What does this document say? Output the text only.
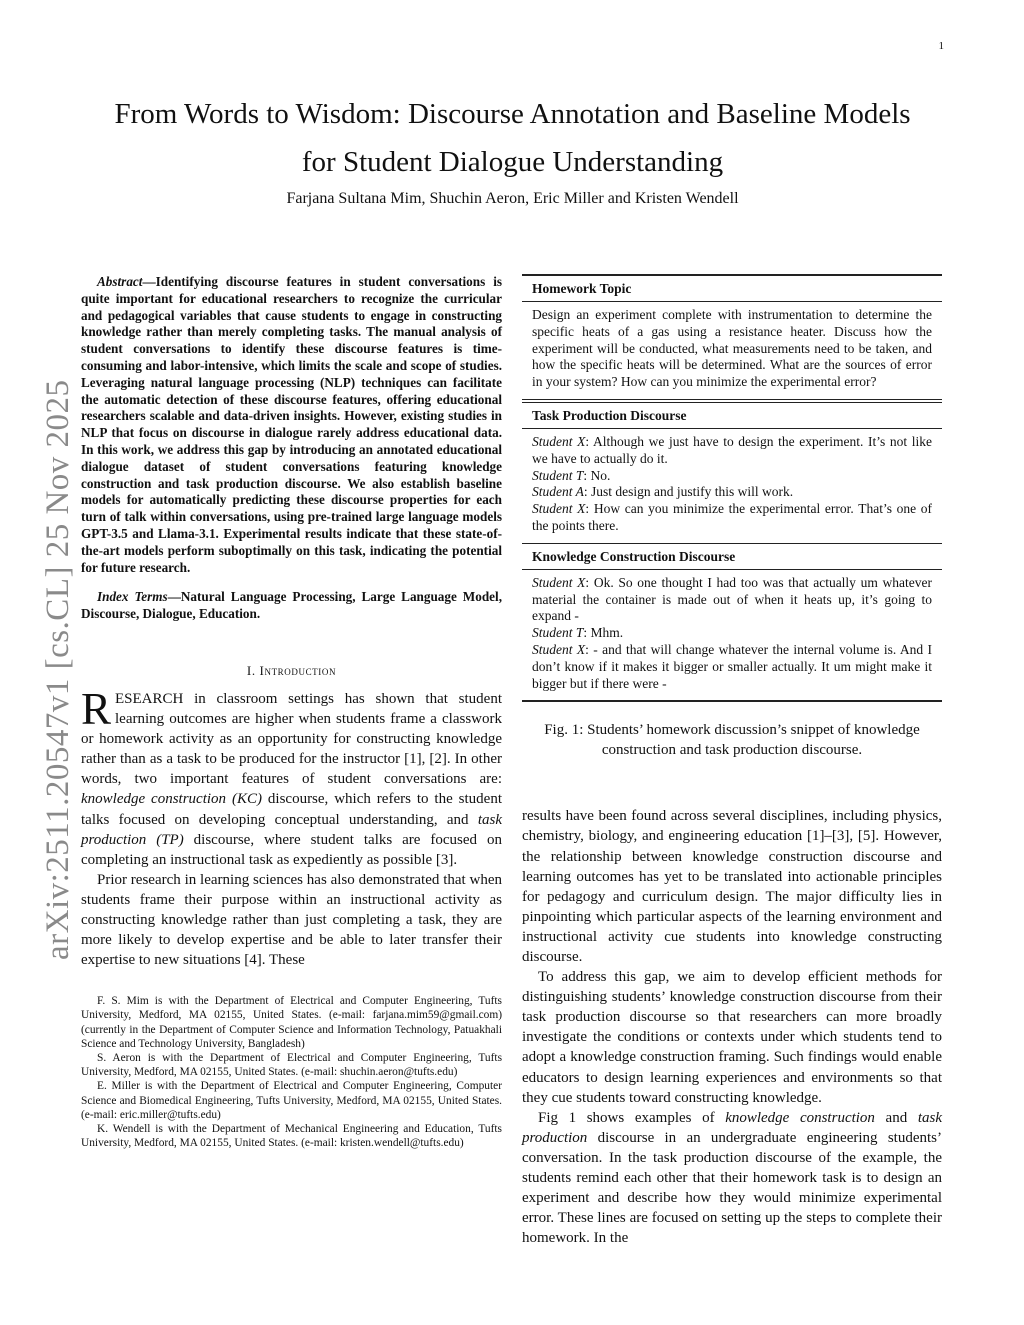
1
arXiv:2511.20547v1 [cs.CL] 25 Nov 2025
From Words to Wisdom: Discourse Annotation and Baseline Models
for Student Dialogue Understanding
Farjana Sultana Mim, Shuchin Aeron, Eric Miller and Kristen Wendell

Abstract—Identifying discourse features in student conversations is quite important for educational researchers to recognize the curricular and pedagogical variables that cause students to engage in constructing knowledge rather than merely completing tasks. The manual analysis of student conversations to identify these discourse features is time-consuming and labor-intensive, which limits the scale and scope of studies. Leveraging natural language processing (NLP) techniques can facilitate the automatic detection of these discourse features, offering educational researchers scalable and data-driven insights. However, existing studies in NLP that focus on discourse in dialogue rarely address educational data. In this work, we address this gap by introducing an annotated educational dialogue dataset of student conversations featuring knowledge construction and task production discourse. We also establish baseline models for automatically predicting these discourse properties for each turn of talk within conversations, using pre-trained large language models GPT-3.5 and Llama-3.1. Experimental results indicate that these state-of-the-art models perform suboptimally on this task, indicating the potential for future research.

Index Terms—Natural Language Processing, Large Language Model, Discourse, Dialogue, Education.

I. Introduction

RESEARCH in classroom settings has shown that student learning outcomes are higher when students frame a classwork or homework activity as an opportunity for constructing knowledge rather than as a task to be produced for the instructor [1], [2]. In other words, two important features of student conversations are: knowledge construction (KC) discourse, which refers to the student talks focused on developing conceptual understanding, and task production (TP) discourse, where student talks are focused on completing an instructional task as expediently as possible [3].

Prior research in learning sciences has also demonstrated that when students frame their purpose within an instructional activity as constructing knowledge rather than just completing a task, they are more likely to develop expertise and be able to later transfer their expertise to new situations [4]. These

F. S. Mim is with the Department of Electrical and Computer Engineering, Tufts University, Medford, MA 02155, United States. (e-mail: farjana.mim59@gmail.com) (currently in the Department of Computer Science and Information Technology, Patuakhali Science and Technology University, Bangladesh)

S. Aeron is with the Department of Electrical and Computer Engineering, Tufts University, Medford, MA 02155, United States. (e-mail: shuchin.aeron@tufts.edu)

E. Miller is with the Department of Electrical and Computer Engineering, Computer Science and Biomedical Engineering, Tufts University, Medford, MA 02155, United States. (e-mail: eric.miller@tufts.edu)

K. Wendell is with the Department of Mechanical Engineering and Education, Tufts University, Medford, MA 02155, United States. (e-mail: kristen.wendell@tufts.edu)

Homework Topic
Design an experiment complete with instrumentation to determine the specific heats of a gas using a resistance heater. Discuss how the experiment will be conducted, what measurements need to be taken, and how the specific heats will be determined. What are the sources of error in your system? How can you minimize the experimental error?
Task Production Discourse
Student X: Although we just have to design the experiment. It’s not like we have to actually do it.
Student T: No.
Student A: Just design and justify this will work.
Student X: How can you minimize the experimental error. That’s one of the points there.
Knowledge Construction Discourse
Student X: Ok. So one thought I had too was that actually um whatever material the container is made out of when it heats up, it’s going to expand -
Student T: Mhm.
Student X: - and that will change whatever the internal volume is. And I don’t know if it makes it bigger or smaller actually. It um might make it bigger but if there were -
Fig. 1: Students’ homework discussion’s snippet of knowledge construction and task production discourse.

results have been found across several disciplines, including physics, chemistry, biology, and engineering education [1]–[3], [5]. However, the relationship between knowledge construction discourse and learning outcomes has yet to be translated into actionable principles for pedagogy and curriculum design. The major difficulty lies in pinpointing which particular aspects of the learning environment and instructional activity cue students into knowledge constructing discourse.

To address this gap, we aim to develop efficient methods for distinguishing students’ knowledge construction discourse from their task production discourse so that researchers can more broadly investigate the conditions or contexts under which students tend to adopt a knowledge construction framing. Such findings would enable educators to design learning experiences and environments so that they cue students toward constructing knowledge.

Fig 1 shows examples of knowledge construction and task production discourse in an undergraduate engineering students’ conversation. In the task production discourse of the example, the students remind each other that their homework task is to design an experiment and describe how they would minimize experimental error. These lines are focused on setting up the steps to complete their homework. In the
